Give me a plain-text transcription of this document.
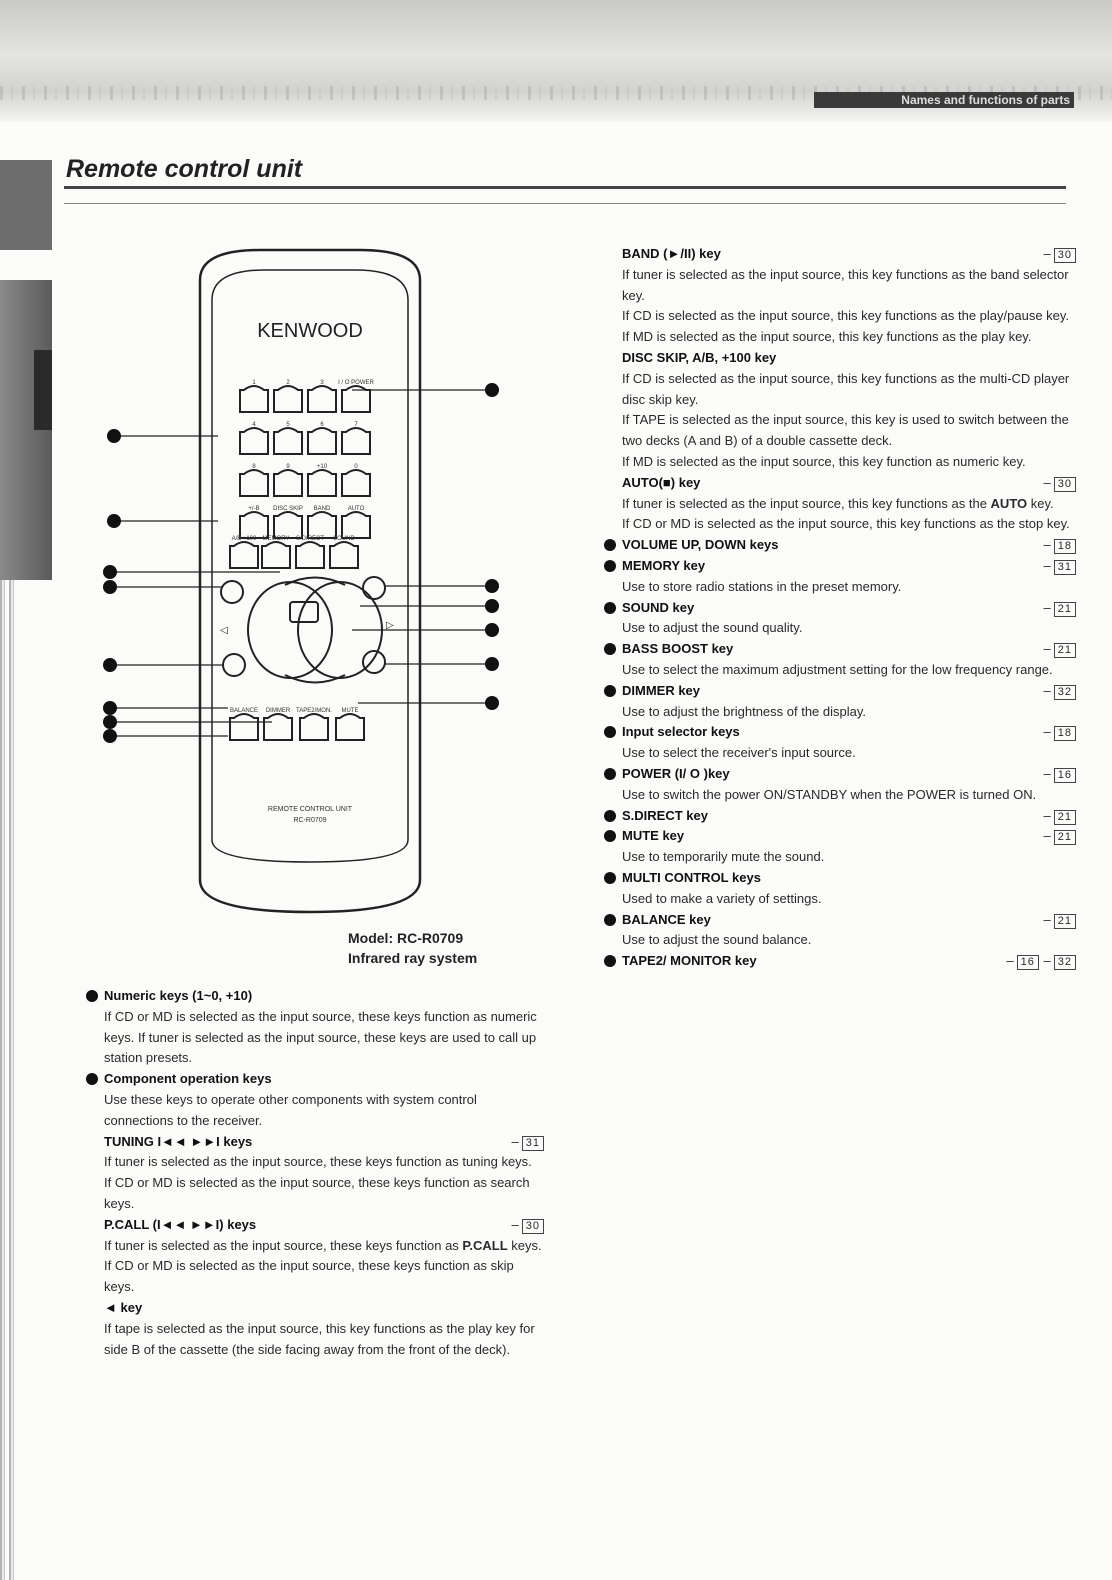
Names and functions of parts
Remote control unit
KENWOOD
1	2	3 I / O POWER
4	5	6	7
8	9	+10	0
+/-B DISC SKIP BAND	AUTO
A/B +100 MEMORY S.DIRECT SOUND
BALANCE DIMMER TAPE2/MON. MUTE
◁	▷
REMOTE CONTROL UNIT
RC-R0709
Model: RC-R0709
Infrared ray system
Numeric keys (1~0, +10)
If CD or MD is selected as the input source, these keys function as numeric keys. If tuner is selected as the input source, these keys are used to call up station presets.
Component operation keys
Use these keys to operate other components with system control connections to the receiver.
TUNING I◄◄ ►►I keys	– 31
If tuner is selected as the input source, these keys function as tuning keys.
If CD or MD is selected as the input source, these keys function as search keys.
P.CALL (I◄◄ ►►I) keys	– 30
If tuner is selected as the input source, these keys function as P.CALL keys.
If CD or MD is selected as the input source, these keys function as skip keys.
◄ key
If tape is selected as the input source, this key functions as the play key for side B of the cassette (the side facing away from the front of the deck).
BAND (►/II) key	– 30
If tuner is selected as the input source, this key functions as the band selector key.
If CD is selected as the input source, this key functions as the play/pause key.
If MD is selected as the input source, this key functions as the play key.
DISC SKIP, A/B, +100 key
If CD is selected as the input source, this key functions as the multi-CD player disc skip key.
If TAPE is selected as the input source, this key is used to switch between the two decks (A and B) of a double cassette deck.
If MD is selected as the input source, this key function as numeric key.
AUTO(■) key	– 30
If tuner is selected as the input source, this key functions as the AUTO key.
If CD or MD is selected as the input source, this key functions as the stop key.
VOLUME UP, DOWN keys	– 18
MEMORY key	– 31
Use to store radio stations in the preset memory.
SOUND key	– 21
Use to adjust the sound quality.
BASS BOOST key	– 21
Use to select the maximum adjustment setting for the low frequency range.
DIMMER key	– 32
Use to adjust the brightness of the display.
Input selector keys	– 18
Use to select the receiver's input source.
POWER (I/ O )key	– 16
Use to switch the power ON/STANDBY when the POWER is turned ON.
S.DIRECT key	– 21
MUTE key	– 21
Use to temporarily mute the sound.
MULTI CONTROL keys
Used to make a variety of settings.
BALANCE key	– 21
Use to adjust the sound balance.
TAPE2/ MONITOR key	– 16 – 32
